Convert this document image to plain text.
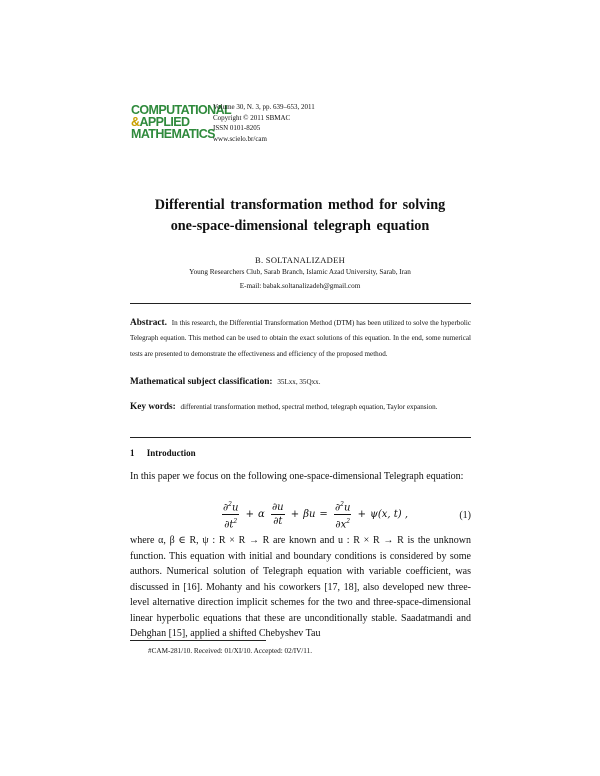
COMPUTATIONAL
&APPLIED
MATHEMATICS
Volume 30, N. 3, pp. 639–653, 2011
Copyright © 2011 SBMAC
ISSN 0101-8205
www.scielo.br/cam
Differential transformation method for solving
one-space-dimensional telegraph equation
B. SOLTANALIZADEH
Young Researchers Club, Sarab Branch, Islamic Azad University, Sarab, Iran
E-mail: babak.soltanalizadeh@gmail.com
Abstract. In this research, the Differential Transformation Method (DTM) has been utilized to solve the hyperbolic Telegraph equation. This method can be used to obtain the exact solutions of this equation. In the end, some numerical tests are presented to demonstrate the effectiveness and efficiency of the proposed method.
Mathematical subject classification: 35Lxx, 35Qxx.
Key words: differential transformation method, spectral method, telegraph equation, Taylor expansion.
1 Introduction
In this paper we focus on the following one-space-dimensional Telegraph equation:
$\frac{\partial^2u}{\partial t^2} + \alpha \frac{\partial u}{\partial t} + \beta u = \frac{\partial^2u}{\partial x^2} + \psi(x$, t) ,	(1)
where α, β ∈ R, ψ : R × R → R are known and u : R × R → R is the unknown function. This equation with initial and boundary conditions is considered by some authors. Numerical solution of Telegraph equation with variable coefficient, was discussed in [16]. Mohanty and his coworkers [17, 18], also developed new three-level alternative direction implicit schemes for the two and three-space-dimensional linear hyperbolic equations that these are unconditionally stable. Saadatmandi and Dehghan [15], applied a shifted Chebyshev Tau
#CAM-281/10. Received: 01/XI/10. Accepted: 02/IV/11.
